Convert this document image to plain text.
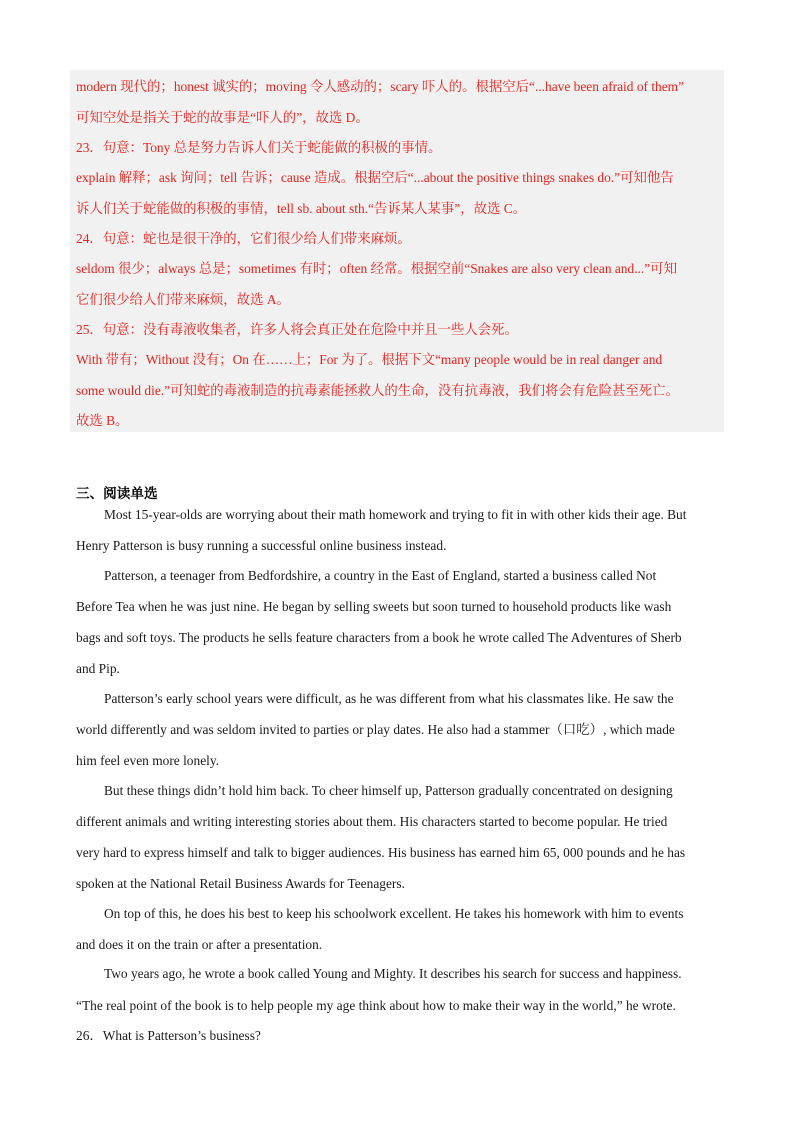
modern 现代的；honest 诚实的；moving 令人感动的；scary 吓人的。根据空后“...have been afraid of them”
可知空处是指关于蛇的故事是“吓人的”，故选 D。
23．句意：Tony 总是努力告诉人们关于蛇能做的积极的事情。
explain 解释；ask 询问；tell 告诉；cause 造成。根据空后“...about the positive things snakes do.”可知他告
诉人们关于蛇能做的积极的事情，tell sb. about sth.“告诉某人某事”，故选 C。
24．句意：蛇也是很干净的，它们很少给人们带来麻烦。
seldom 很少；always 总是；sometimes 有时；often 经常。根据空前“Snakes are also very clean and...”可知
它们很少给人们带来麻烦，故选 A。
25．句意：没有毒液收集者，许多人将会真正处在危险中并且一些人会死。
With 带有；Without 没有；On 在……上；For 为了。根据下文“many people would be in real danger and
some would die.”可知蛇的毒液制造的抗毒素能拯救人的生命，没有抗毒液，我们将会有危险甚至死亡。
故选 B。
三、阅读单选
Most 15-year-olds are worrying about their math homework and trying to fit in with other kids their age. But
Henry Patterson is busy running a successful online business instead.
Patterson, a teenager from Bedfordshire, a country in the East of England, started a business called Not
Before Tea when he was just nine. He began by selling sweets but soon turned to household products like wash
bags and soft toys. The products he sells feature characters from a book he wrote called The Adventures of Sherb
and Pip.
Patterson’s early school years were difficult, as he was different from what his classmates like. He saw the
world differently and was seldom invited to parties or play dates. He also had a stammer（口吃）, which made
him feel even more lonely.
But these things didn’t hold him back. To cheer himself up, Patterson gradually concentrated on designing
different animals and writing interesting stories about them. His characters started to become popular. He tried
very hard to express himself and talk to bigger audiences. His business has earned him 65, 000 pounds and he has
spoken at the National Retail Business Awards for Teenagers.
On top of this, he does his best to keep his schoolwork excellent. He takes his homework with him to events
and does it on the train or after a presentation.
Two years ago, he wrote a book called Young and Mighty. It describes his search for success and happiness.
“The real point of the book is to help people my age think about how to make their way in the world,” he wrote.
26．What is Patterson’s business?
